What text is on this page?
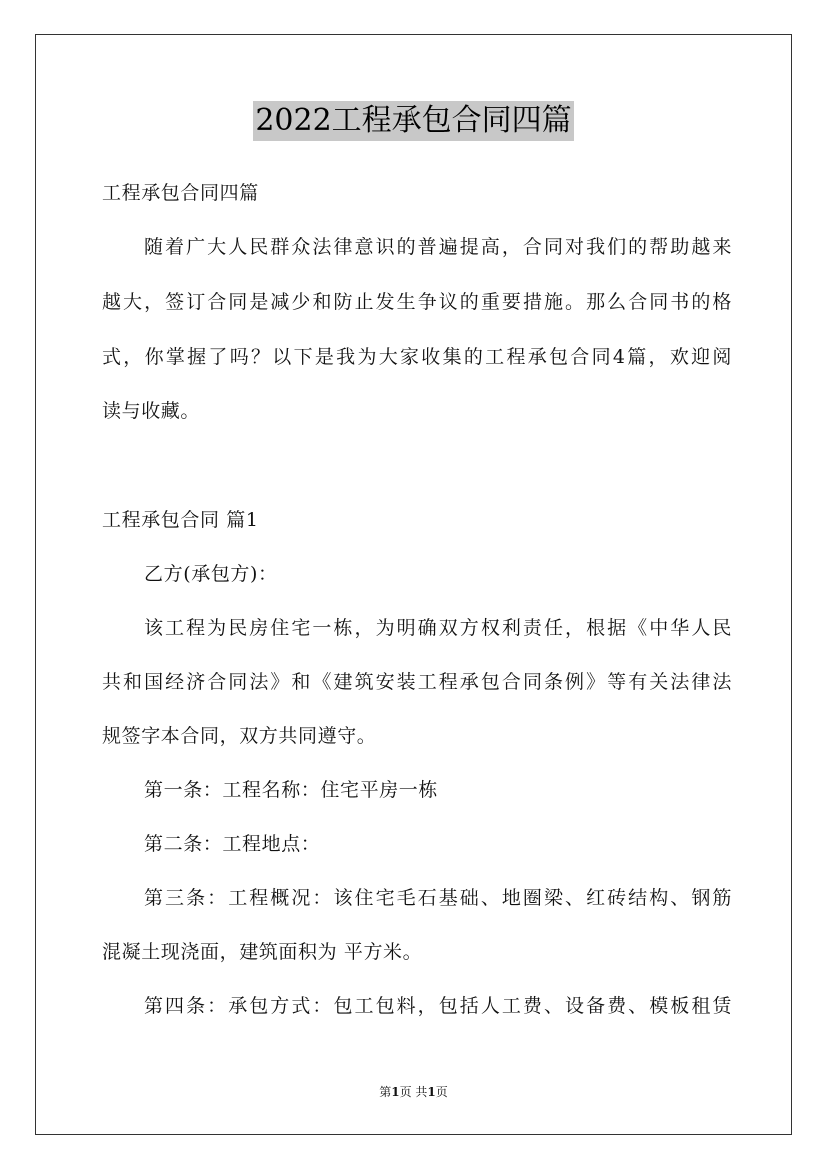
2022工程承包合同四篇
工程承包合同四篇
随着广大人民群众法律意识的普遍提高，合同对我们的帮助越来
越大，签订合同是减少和防止发生争议的重要措施。那么合同书的格
式，你掌握了吗？以下是我为大家收集的工程承包合同4篇，欢迎阅
读与收藏。
工程承包合同 篇1
乙方(承包方)：
该工程为民房住宅一栋，为明确双方权利责任，根据《中华人民
共和国经济合同法》和《建筑安装工程承包合同条例》等有关法律法
规签字本合同，双方共同遵守。
第一条：工程名称：住宅平房一栋
第二条：工程地点：
第三条：工程概况：该住宅毛石基础、地圈梁、红砖结构、钢筋
混凝土现浇面，建筑面积为 平方米。
第四条：承包方式：包工包料，包括人工费、设备费、模板租赁
第1页 共1页
